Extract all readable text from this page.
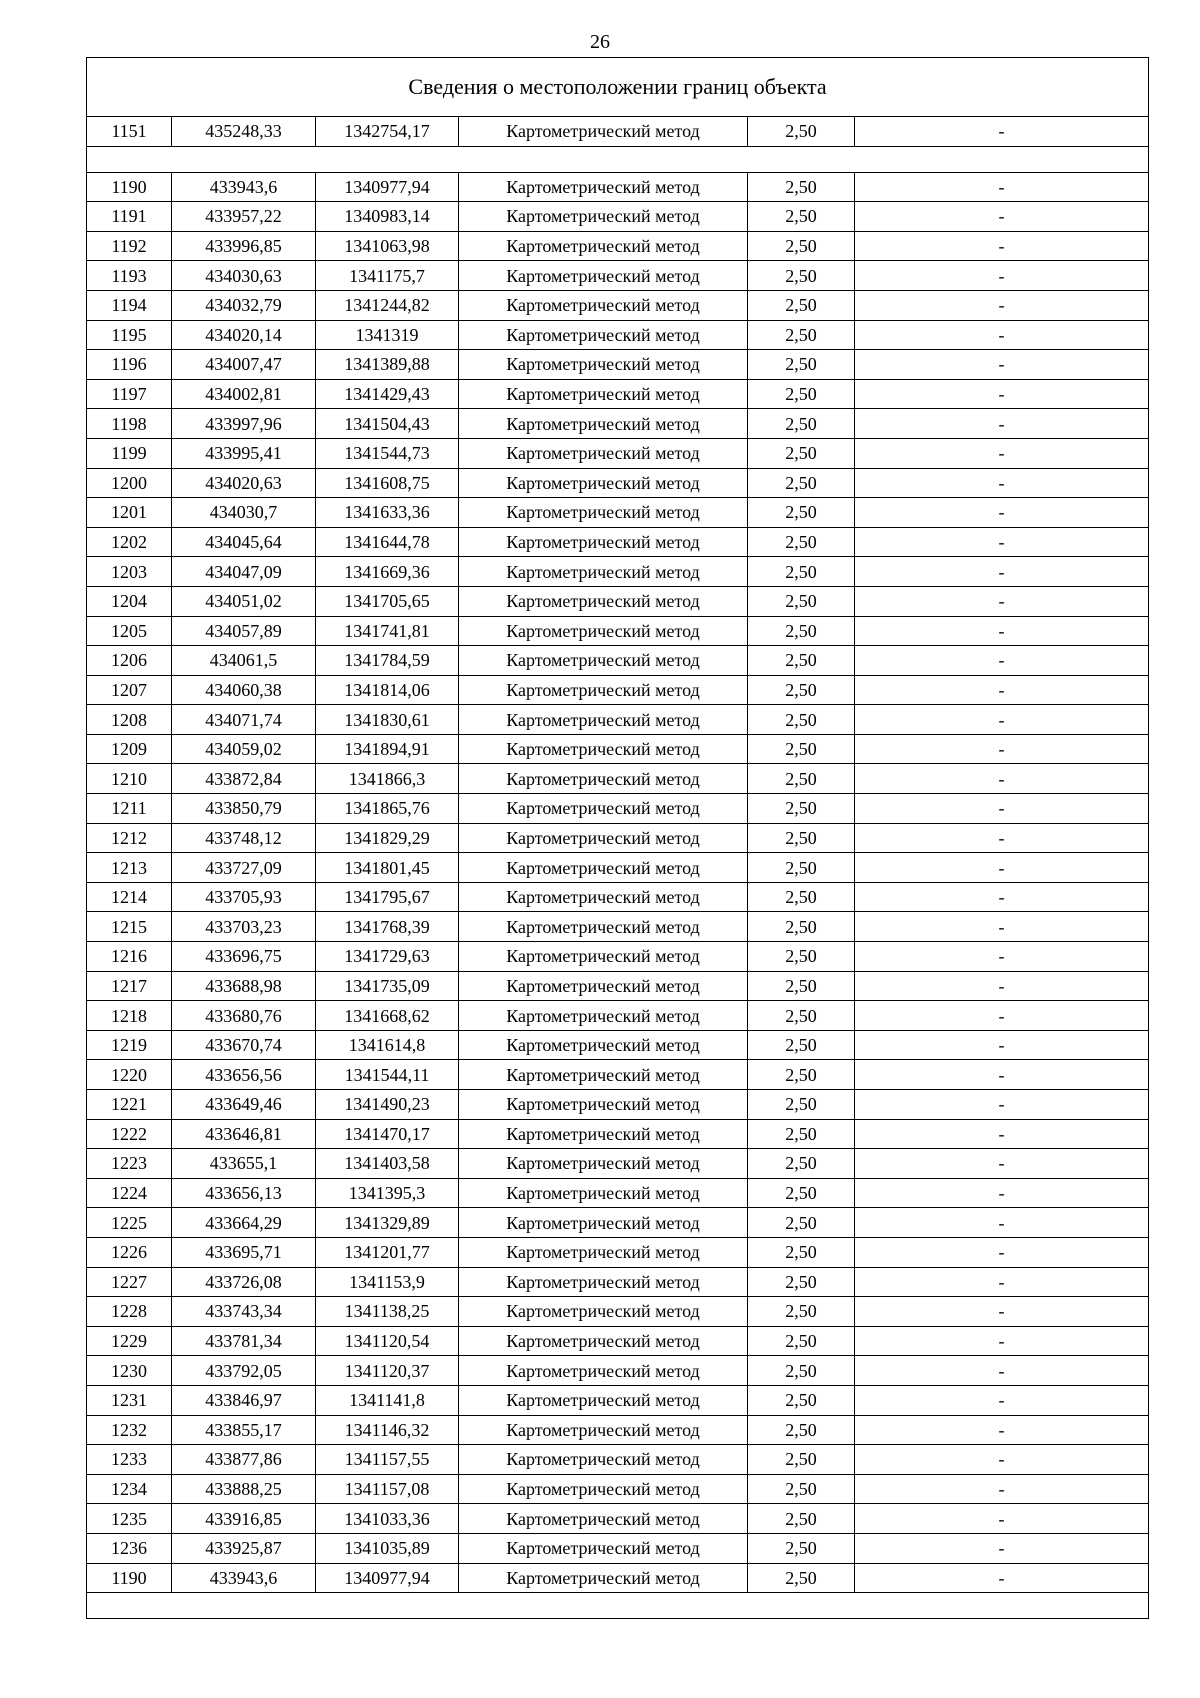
26
Сведения о местоположении границ объекта					
1151	435248,33	1342754,17	Картометрический метод	2,50	-

1190	433943,6	1340977,94	Картометрический метод	2,50	-
1191	433957,22	1340983,14	Картометрический метод	2,50	-
1192	433996,85	1341063,98	Картометрический метод	2,50	-
1193	434030,63	1341175,7	Картометрический метод	2,50	-
1194	434032,79	1341244,82	Картометрический метод	2,50	-
1195	434020,14	1341319	Картометрический метод	2,50	-
1196	434007,47	1341389,88	Картометрический метод	2,50	-
1197	434002,81	1341429,43	Картометрический метод	2,50	-
1198	433997,96	1341504,43	Картометрический метод	2,50	-
1199	433995,41	1341544,73	Картометрический метод	2,50	-
1200	434020,63	1341608,75	Картометрический метод	2,50	-
1201	434030,7	1341633,36	Картометрический метод	2,50	-
1202	434045,64	1341644,78	Картометрический метод	2,50	-
1203	434047,09	1341669,36	Картометрический метод	2,50	-
1204	434051,02	1341705,65	Картометрический метод	2,50	-
1205	434057,89	1341741,81	Картометрический метод	2,50	-
1206	434061,5	1341784,59	Картометрический метод	2,50	-
1207	434060,38	1341814,06	Картометрический метод	2,50	-
1208	434071,74	1341830,61	Картометрический метод	2,50	-
1209	434059,02	1341894,91	Картометрический метод	2,50	-
1210	433872,84	1341866,3	Картометрический метод	2,50	-
1211	433850,79	1341865,76	Картометрический метод	2,50	-
1212	433748,12	1341829,29	Картометрический метод	2,50	-
1213	433727,09	1341801,45	Картометрический метод	2,50	-
1214	433705,93	1341795,67	Картометрический метод	2,50	-
1215	433703,23	1341768,39	Картометрический метод	2,50	-
1216	433696,75	1341729,63	Картометрический метод	2,50	-
1217	433688,98	1341735,09	Картометрический метод	2,50	-
1218	433680,76	1341668,62	Картометрический метод	2,50	-
1219	433670,74	1341614,8	Картометрический метод	2,50	-
1220	433656,56	1341544,11	Картометрический метод	2,50	-
1221	433649,46	1341490,23	Картометрический метод	2,50	-
1222	433646,81	1341470,17	Картометрический метод	2,50	-
1223	433655,1	1341403,58	Картометрический метод	2,50	-
1224	433656,13	1341395,3	Картометрический метод	2,50	-
1225	433664,29	1341329,89	Картометрический метод	2,50	-
1226	433695,71	1341201,77	Картометрический метод	2,50	-
1227	433726,08	1341153,9	Картометрический метод	2,50	-
1228	433743,34	1341138,25	Картометрический метод	2,50	-
1229	433781,34	1341120,54	Картометрический метод	2,50	-
1230	433792,05	1341120,37	Картометрический метод	2,50	-
1231	433846,97	1341141,8	Картометрический метод	2,50	-
1232	433855,17	1341146,32	Картометрический метод	2,50	-
1233	433877,86	1341157,55	Картометрический метод	2,50	-
1234	433888,25	1341157,08	Картометрический метод	2,50	-
1235	433916,85	1341033,36	Картометрический метод	2,50	-
1236	433925,87	1341035,89	Картометрический метод	2,50	-
1190	433943,6	1340977,94	Картометрический метод	2,50	-
